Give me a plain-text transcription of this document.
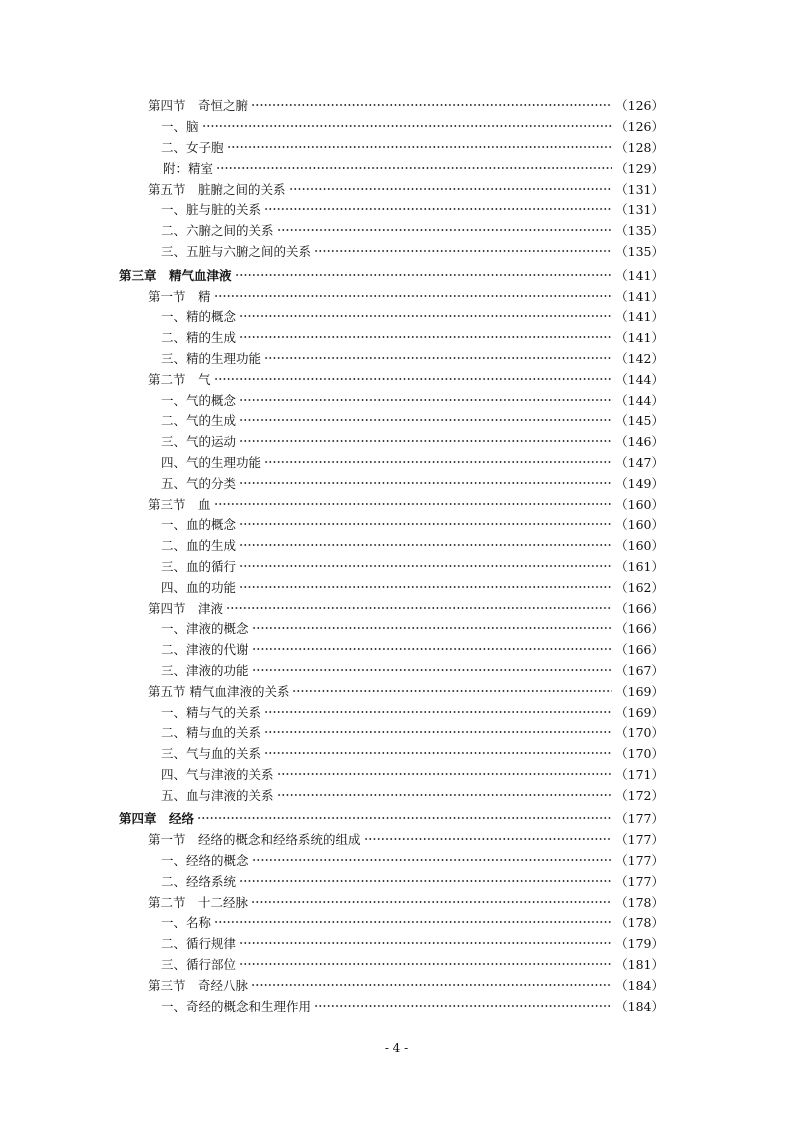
第四节　奇恒之腑	（126）
一、脑	（126）
二、女子胞	（128）
附：精室	（129）
第五节　脏腑之间的关系	（131）
一、脏与脏的关系	（131）
二、六腑之间的关系	（135）
三、五脏与六腑之间的关系	（135）
第三章　精气血津液	（141）
第一节　精	（141）
一、精的概念	（141）
二、精的生成	（141）
三、精的生理功能	（142）
第二节　气	（144）
一、气的概念	（144）
二、气的生成	（145）
三、气的运动	（146）
四、气的生理功能	（147）
五、气的分类	（149）
第三节　血	（160）
一、血的概念	（160）
二、血的生成	（160）
三、血的循行	（161）
四、血的功能	（162）
第四节　津液	（166）
一、津液的概念	（166）
二、津液的代谢	（166）
三、津液的功能	（167）
第五节 精气血津液的关系	（169）
一、精与气的关系	（169）
二、精与血的关系	（170）
三、气与血的关系	（170）
四、气与津液的关系	（171）
五、血与津液的关系	（172）
第四章　经络	（177）
第一节　经络的概念和经络系统的组成	（177）
一、经络的概念	（177）
二、经络系统	（177）
第二节　十二经脉	（178）
一、名称	（178）
二、循行规律	（179）
三、循行部位	（181）
第三节　奇经八脉	（184）
一、奇经的概念和生理作用	（184）
- 4 -
